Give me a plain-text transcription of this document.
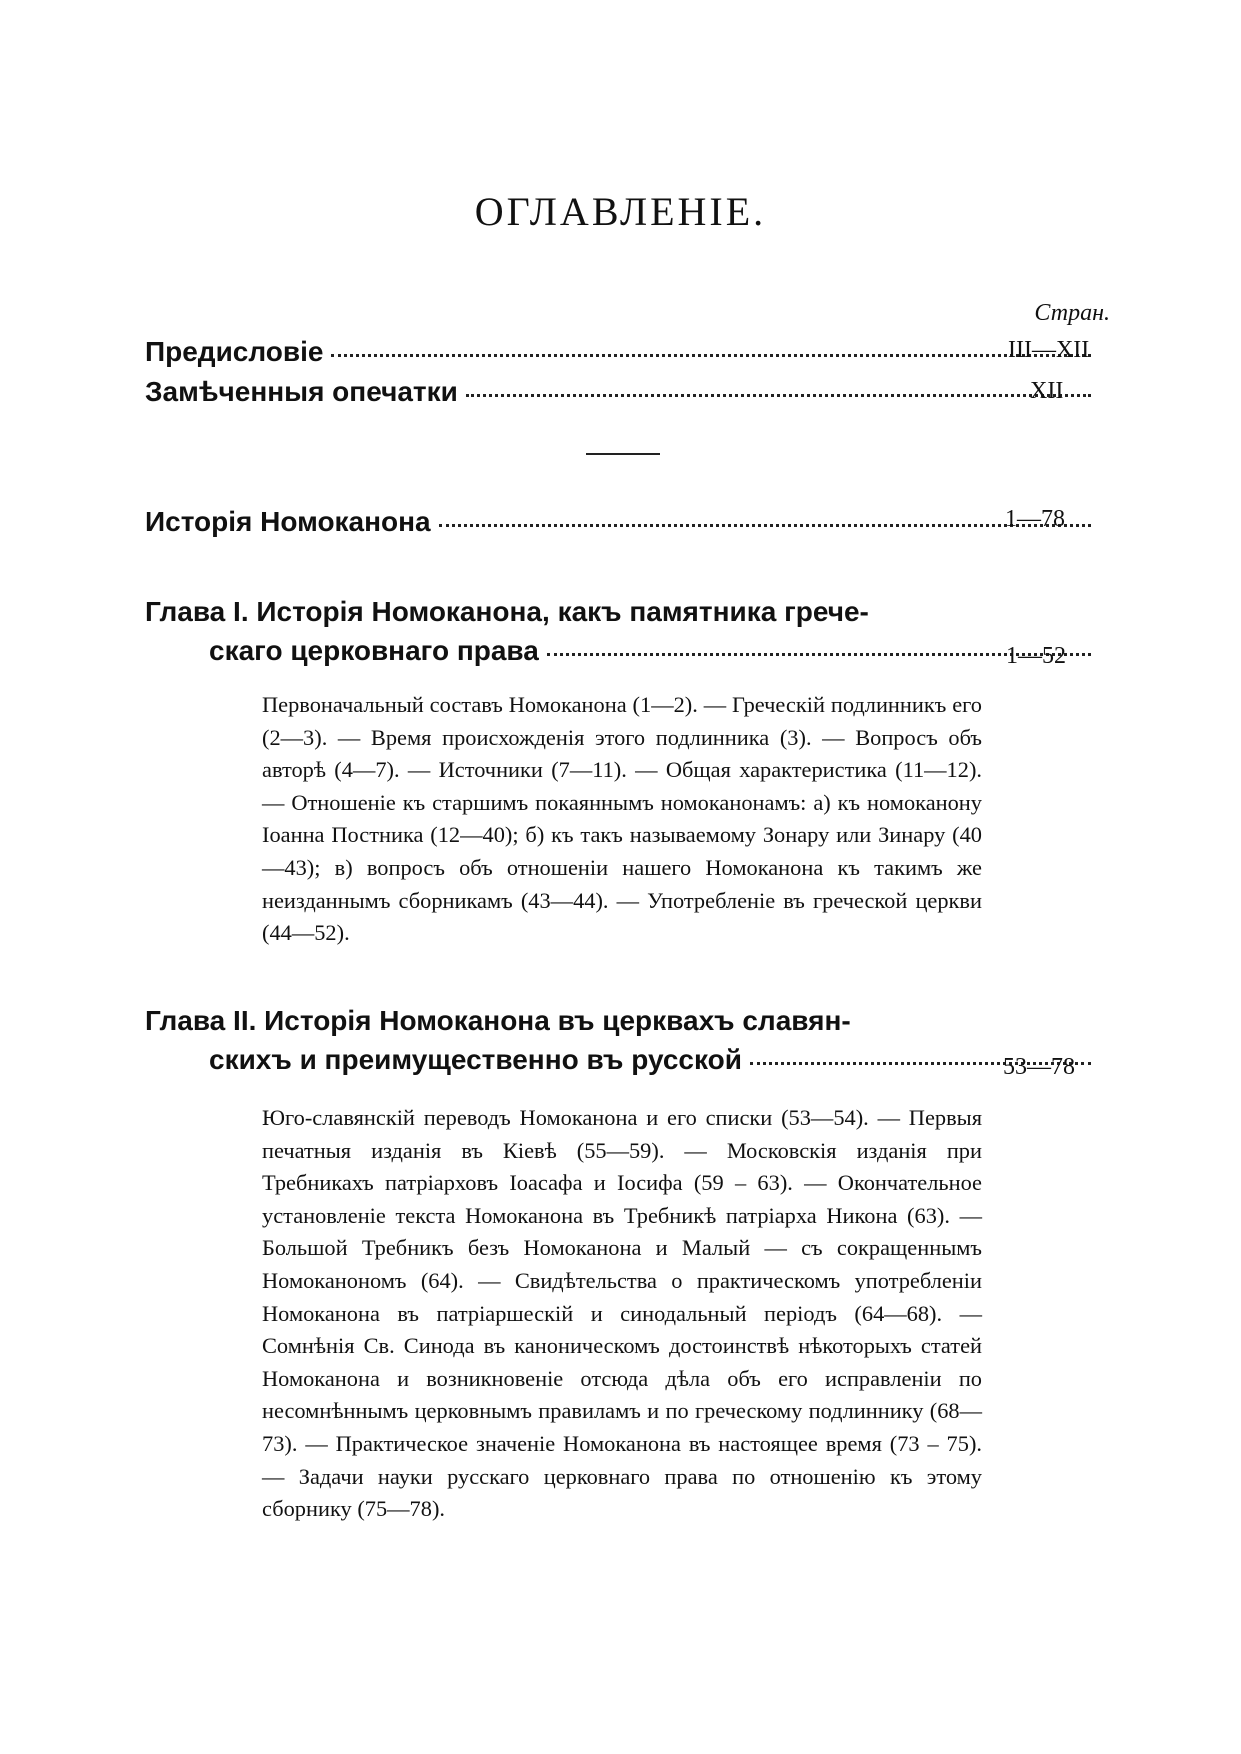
ОГЛАВЛЕНІЕ.
Стран.
Предисловіе	III—XII
Замѣченныя опечатки	XII
Исторія Номоканона	1—78
Глава I. Исторія Номоканона, какъ памятника грече-
скаго церковнаго права	1—52
Первоначальный составъ Номоканона (1—2). — Греческій подлинникъ его (2—3). — Время происхожденія этого подлинника (3). — Вопросъ объ авторѣ (4—7). — Источники (7—11). — Общая характеристика (11—12). — Отношеніе къ старшимъ покаяннымъ номоканонамъ: а) къ номоканону Іоанна Постника (12—40); б) къ такъ называемому Зонару или Зинару (40—43); в) вопросъ объ отношеніи нашего Номоканона къ такимъ же неизданнымъ сборникамъ (43—44). — Употребленіе въ греческой церкви (44—52).
Глава II. Исторія Номоканона въ церквахъ славян-
скихъ и преимущественно въ русской	53—78
Юго-славянскій переводъ Номоканона и его списки (53—54). — Первыя печатныя изданія въ Кіевѣ (55—59). — Московскія изданія при Требникахъ патріарховъ Іоасафа и Іосифа (59 – 63). — Окончательное установленіе текста Номоканона въ Требникѣ патріарха Никона (63). — Большой Требникъ безъ Номоканона и Малый — съ сокращеннымъ Номоканономъ (64). — Свидѣтельства о практическомъ употребленіи Номоканона въ патріаршескій и синодальный періодъ (64—68). — Сомнѣнія Св. Синода въ каноническомъ достоинствѣ нѣкоторыхъ статей Номоканона и возникновеніе отсюда дѣла объ его исправленіи по несомнѣннымъ церковнымъ правиламъ и по греческому подлиннику (68—73). — Практическое значеніе Номоканона въ настоящее время (73 – 75). — Задачи науки русскаго церковнаго права по отношенію къ этому сборнику (75—78).
